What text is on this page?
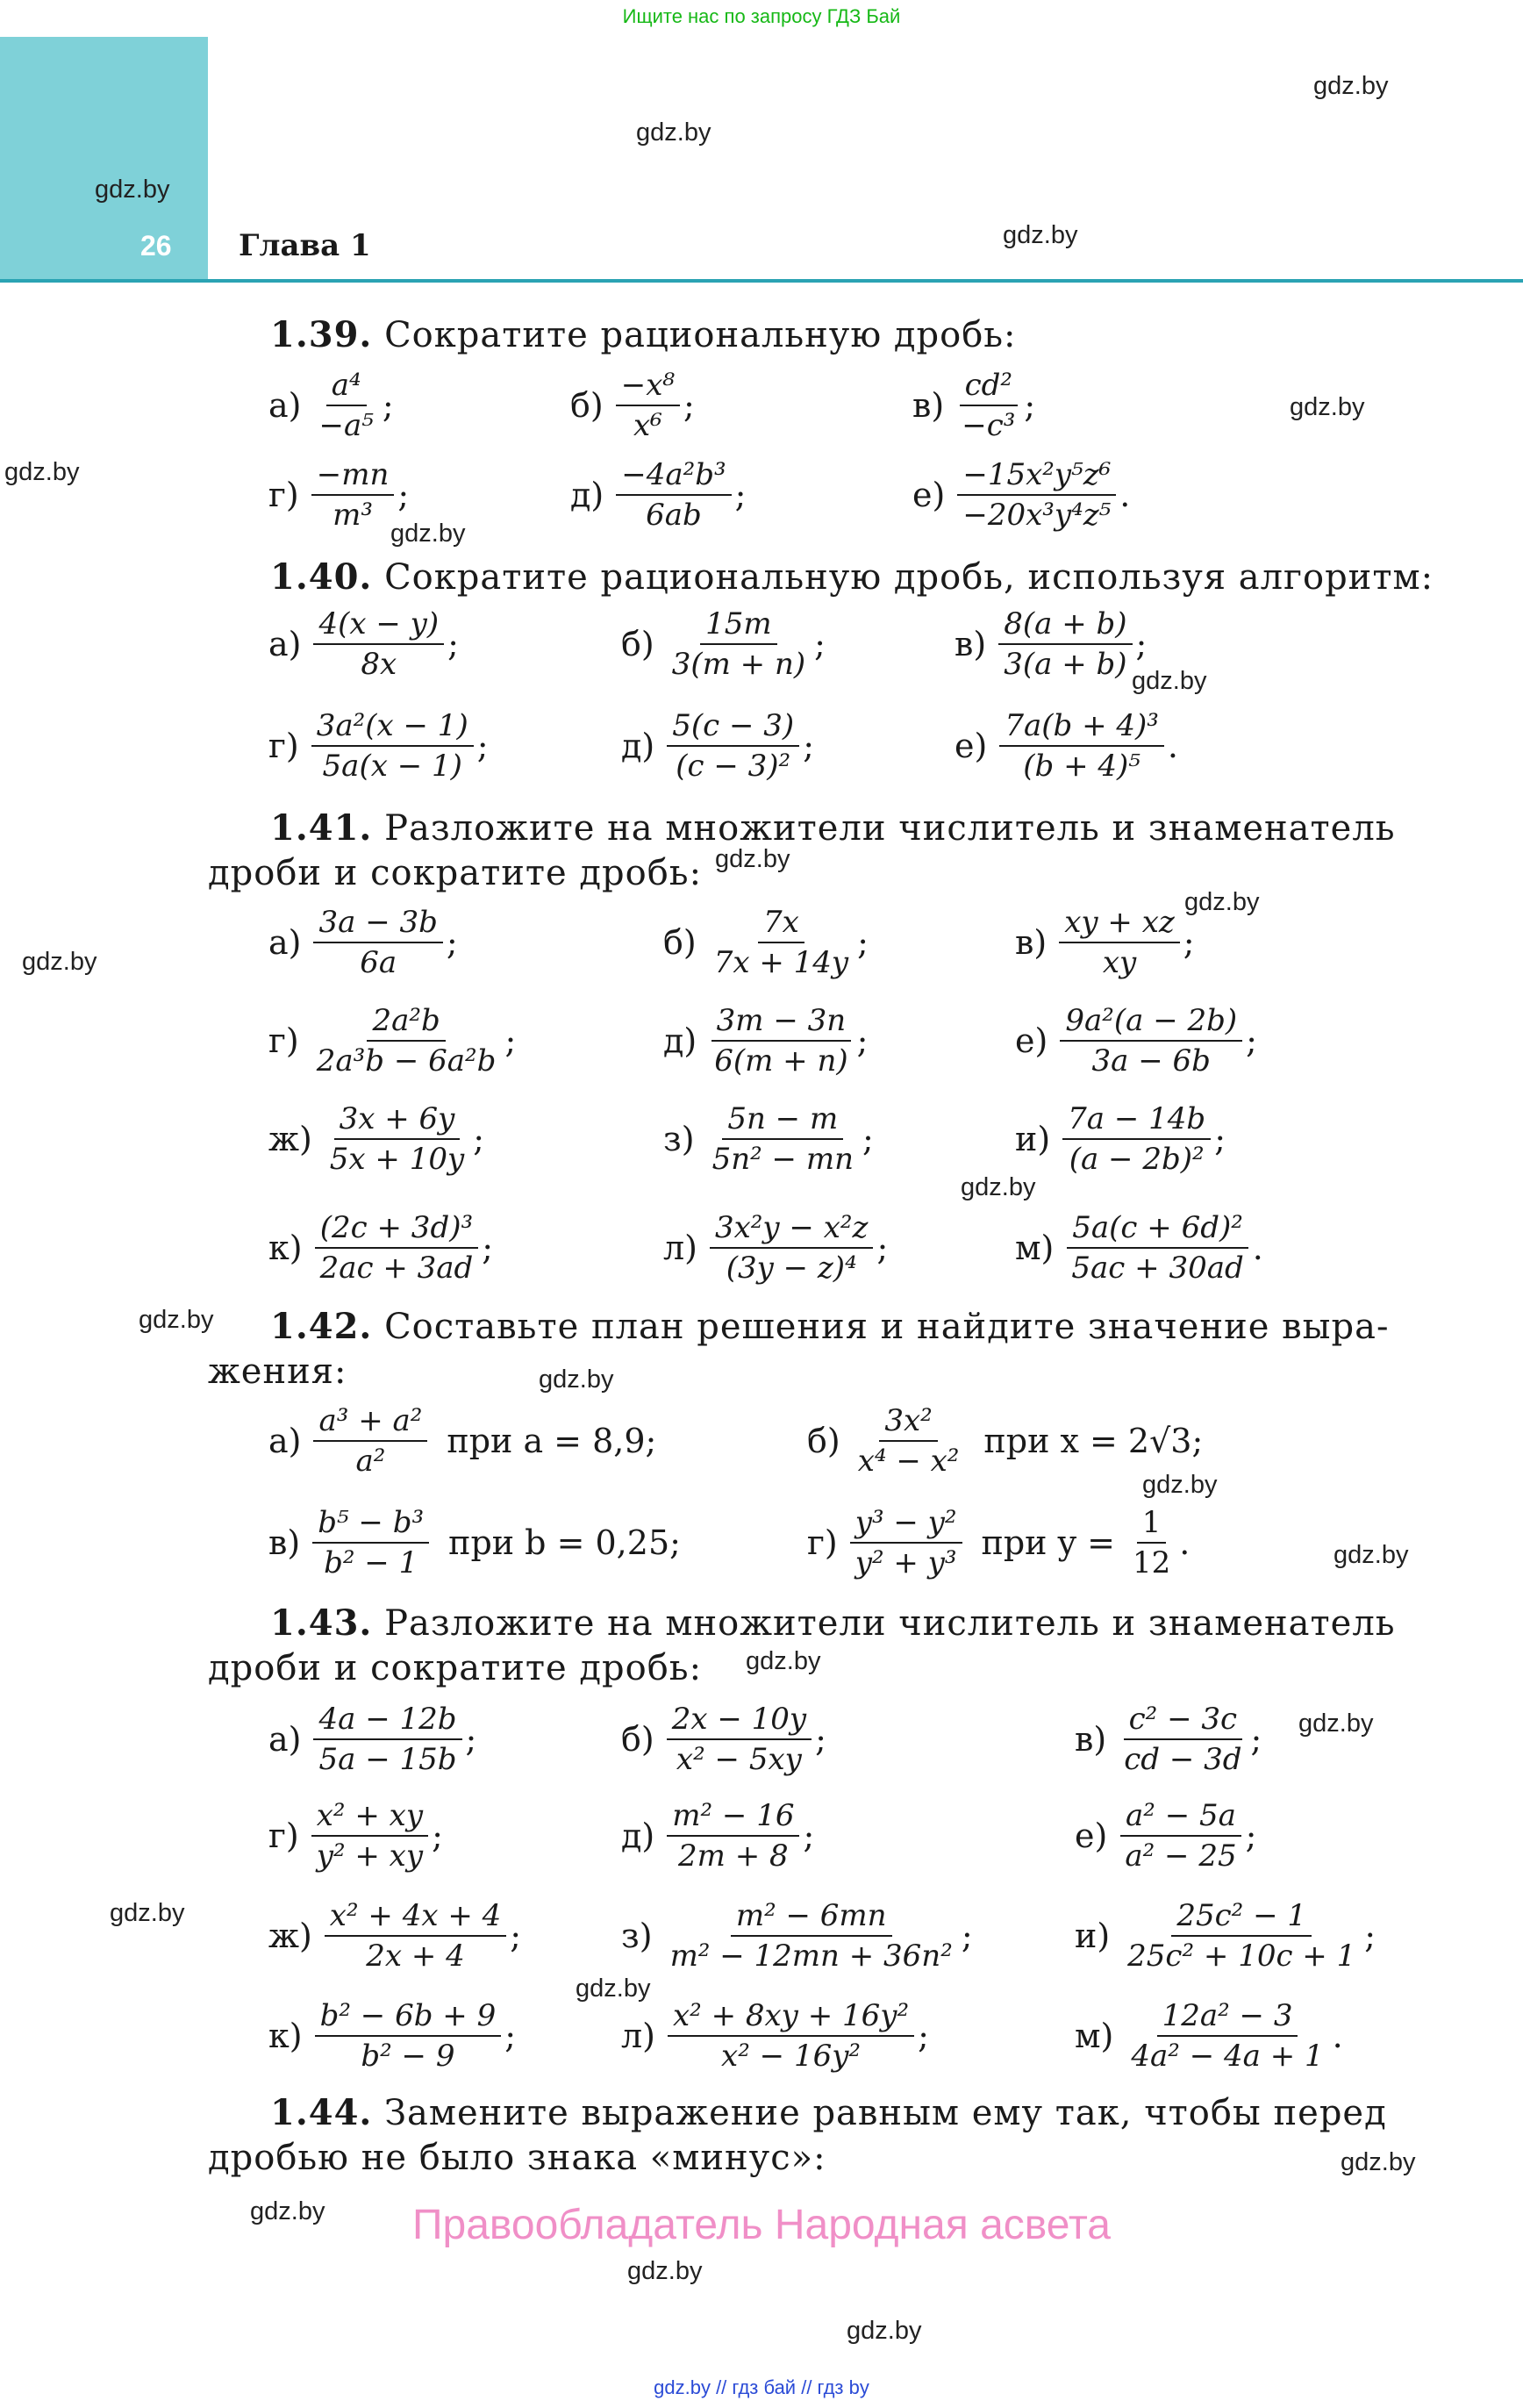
Ищите нас по запросу ГДЗ Бай
26 Глава 1
gdz.by
gdz.by
gdz.by
gdz.by
gdz.by
gdz.by
gdz.by
gdz.by
gdz.by
gdz.by
gdz.by
gdz.by
gdz.by
gdz.by
gdz.by
gdz.by
gdz.by
gdz.by
gdz.by
gdz.by
gdz.by
gdz.by
gdz.by
gdz.by
1.39. Сократите рациональную дробь:
$а) \frac{\text{a⁴}}{\text{−a⁵}}$ ;	$б) \frac{\text{−x⁸}}{\text{x⁶}}$ ;	$в) \frac{\text{cd²}}{\text{−c³}}$ ;
$г) \frac{-mn}{\text{m³}}$ ;	$д) \frac{\text{−4a²b³}}{6ab}$ ;	$е) \frac{\text{−15x²y⁵z⁶}}{\text{−20x³y⁴z⁵}}$ .
1.40. Сократите рациональную дробь, используя алгоритм:
$а) \frac{4(x - y)}{8x}$ ;	$б) \frac{15m}{3(m + n)}$ ;	$в) \frac{8(a + b)}{3(a + b)}$ ;
$г) \frac{\text{3a²(x − 1)}}{5a(x - 1)}$ ;	$д) \frac{5(c - 3)}{\text{(c − 3)²}}$ ;	$е) \frac{\text{7a(b + 4)³}}{\text{(b + 4)⁵}}$ .
1.41. Разложите на множители числитель и знаменатель
дроби и сократите дробь:
$а) \frac{3a - 3b}{6a}$ ;	$б) \frac{7x}{7x + 14y}$ ;	$в) \frac{xy + xz}{xy}$ ;
$г) \frac{\text{2a²b}}{\text{2a³b − 6a²b}}$ ;	$д) \frac{3m - 3n}{6(m + n)}$ ;	$е) \frac{\text{9a²(a − 2b)}}{3a - 6b}$ ;
$ж) \frac{3x + 6y}{5x + 10y}$ ;	$з) \frac{5n - m}{\text{5n² − mn}}$ ;	$и) \frac{7a - 14b}{\text{(a − 2b)²}}$ ;
$к) \frac{\text{(2c + 3d)³}}{2ac + 3ad}$ ;	$л) \frac{\text{3x²y − x²z}}{\text{(3y − z)⁴}}$ ;	$м) \frac{\text{5a(c + 6d)²}}{5ac + 30ad}$ .
1.42. Составьте план решения и найдите значение выра-
жения:
$а) \frac{\text{a³ + a²}}{\text{a²}}$ при a = 8,9;	$б) \frac{\text{3x²}}{\text{x⁴ − x²}}$ при x = 2√3;
$в) \frac{\text{b⁵ − b³}}{\text{b² − 1}}$ при b = 0,25;	$г) \frac{\text{y³ − y²}}{\text{y² + y³}}$ при $y = \frac{1}{12}$ .
1.43. Разложите на множители числитель и знаменатель
дроби и сократите дробь:
$а) \frac{4a - 12b}{5a - 15b}$ ;	$б) \frac{2x - 10y}{\text{x² − 5xy}}$ ;	$в) \frac{\text{c² − 3c}}{cd - 3d}$ ;
$г) \frac{\text{x² + xy}}{\text{y² + xy}}$ ;	$д) \frac{\text{m² − 16}}{2m + 8}$ ;	$е) \frac{\text{a² − 5a}}{\text{a² − 25}}$ ;
$ж) \frac{\text{x² + 4x + 4}}{2x + 4}$ ;	$з) \frac{\text{m² − 6mn}}{\text{m² − 12mn + 36n²}}$ ;	$и) \frac{\text{25c² − 1}}{\text{25c² + 10c + 1}}$ ;
$к) \frac{\text{b² − 6b + 9}}{\text{b² − 9}}$ ;	$л) \frac{\text{x² + 8xy + 16y²}}{\text{x² − 16y²}}$ ;	$м) \frac{\text{12a² − 3}}{\text{4a² − 4a + 1}}$ .
1.44. Замените выражение равным ему так, чтобы перед
дробью не было знака «минус»:
Правообладатель Народная асвета
gdz.by // гдз бай // гдз by
